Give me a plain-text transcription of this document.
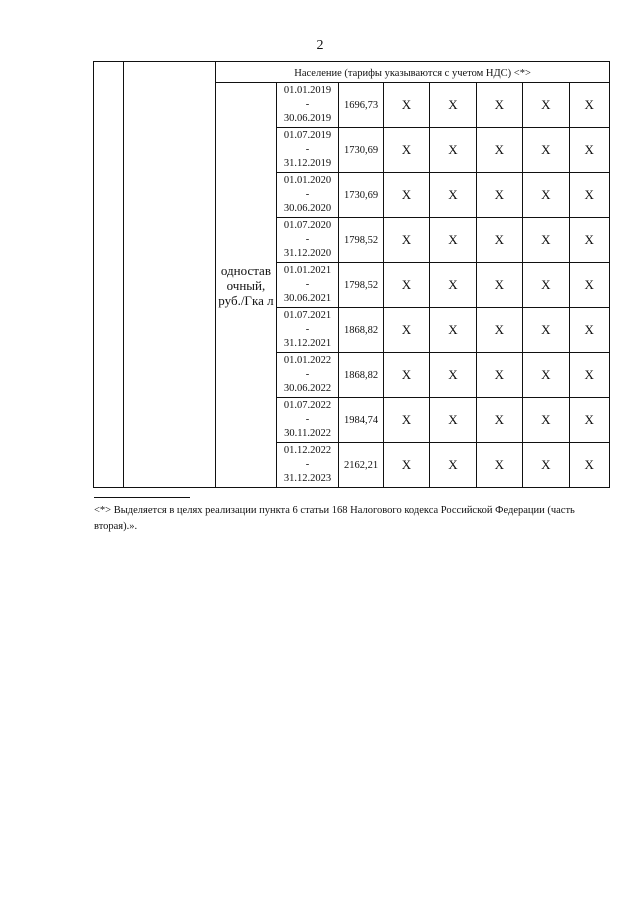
2
		Население (тарифы указываются с учетом НДС) <*>							

		одностав очный, руб./Гка л	01.01.2019
-
30.06.2019	1696,73	X	X	X	X	X

			01.07.2019
-
31.12.2019	1730,69	X	X	X	X	X

			01.01.2020
-
30.06.2020	1730,69	X	X	X	X	X

			01.07.2020
-
31.12.2020	1798,52	X	X	X	X	X

			01.01.2021
-
30.06.2021	1798,52	X	X	X	X	X

			01.07.2021
-
31.12.2021	1868,82	X	X	X	X	X

			01.01.2022
-
30.06.2022	1868,82	X	X	X	X	X

			01.07.2022
-
30.11.2022	1984,74	X	X	X	X	X

			01.12.2022
-
31.12.2023	2162,21	X	X	X	X	X
<*> Выделяется в целях реализации пункта 6 статьи 168 Налогового кодекса Российской Федерации (часть вторая).».
